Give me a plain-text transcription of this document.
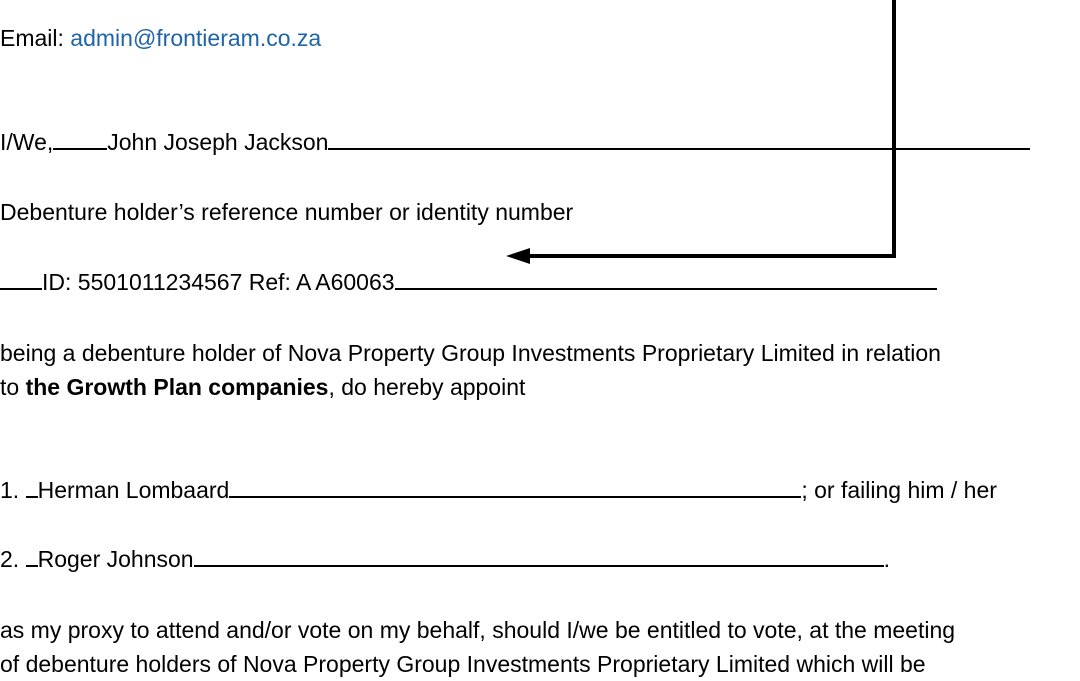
Email: admin@frontieram.co.za
I/We, John Joseph Jackson
Debenture holder’s reference number or identity number
ID: 5501011234567 Ref: A A60063
being a debenture holder of Nova Property Group Investments Proprietary Limited in relation
to the Growth Plan companies, do hereby appoint
1. Herman Lombaard	; or failing him / her
2. Roger Johnson	.
as my proxy to attend and/or vote on my behalf, should I/we be entitled to vote, at the meeting
of debenture holders of Nova Property Group Investments Proprietary Limited which will be
